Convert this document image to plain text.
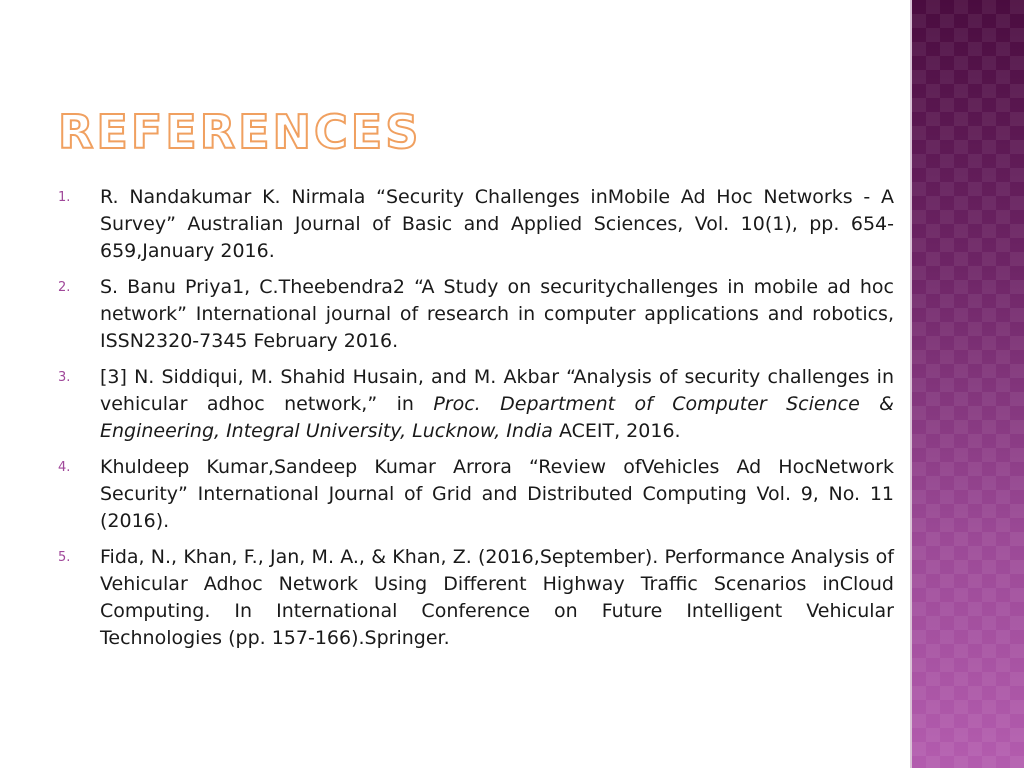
REFERENCES
1. R. Nandakumar K. Nirmala “Security Challenges inMobile Ad Hoc Networks - A Survey” Australian Journal of Basic and Applied Sciences, Vol. 10(1), pp. 654-659,January 2016.
2. S. Banu Priya1, C.Theebendra2 “A Study on securitychallenges in mobile ad hoc network” International journal of research in computer applications and robotics, ISSN2320-7345 February 2016.
3. [3] N. Siddiqui, M. Shahid Husain, and M. Akbar “Analysis of security challenges in vehicular adhoc network,” in Proc. Department of Computer Science & Engineering, Integral University, Lucknow, India ACEIT, 2016.
4. Khuldeep Kumar,Sandeep Kumar Arrora “Review ofVehicles Ad HocNetwork Security” International Journal of Grid and Distributed Computing Vol. 9, No. 11 (2016).
5. Fida, N., Khan, F., Jan, M. A., & Khan, Z. (2016,September). Performance Analysis of Vehicular Adhoc Network Using Different Highway Traffic Scenarios inCloud Computing. In International Conference on Future Intelligent Vehicular Technologies (pp. 157-166).Springer.
